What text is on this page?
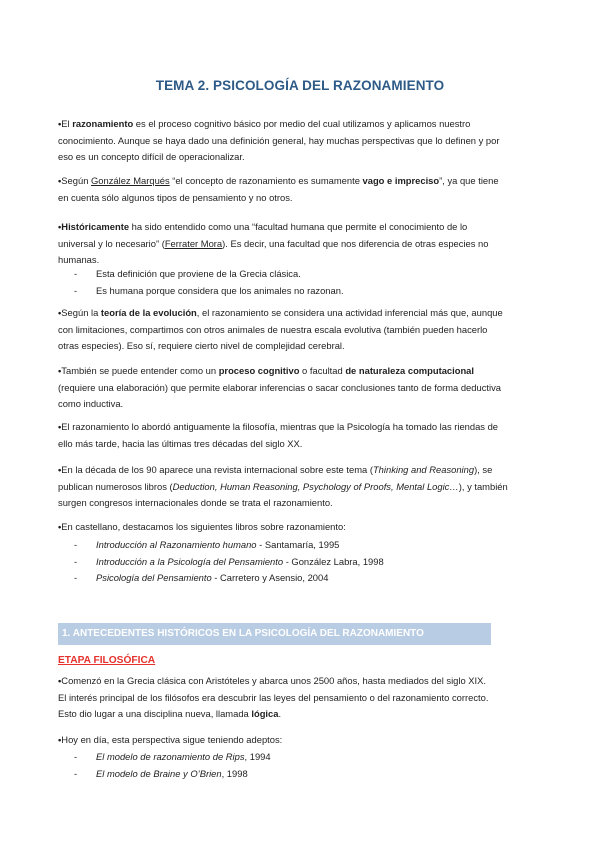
TEMA 2. PSICOLOGÍA DEL RAZONAMIENTO

•El razonamiento es el proceso cognitivo básico por medio del cual utilizamos y aplicamos nuestro

conocimiento. Aunque se haya dado una definición general, hay muchas perspectivas que lo definen y por

eso es un concepto difícil de operacionalizar.

•Según González Marqués “el concepto de razonamiento es sumamente vago e impreciso”, ya que tiene

en cuenta sólo algunos tipos de pensamiento y no otros.

•Históricamente ha sido entendido como una “facultad humana que permite el conocimiento de lo

universal y lo necesario” (Ferrater Mora). Es decir, una facultad que nos diferencia de otras especies no

humanas.

-	Esta definición que proviene de la Grecia clásica.
-	Es humana porque considera que los animales no razonan.

•Según la teoría de la evolución, el razonamiento se considera una actividad inferencial más que, aunque

con limitaciones, compartimos con otros animales de nuestra escala evolutiva (también pueden hacerlo

otras especies). Eso sí, requiere cierto nivel de complejidad cerebral.

•También se puede entender como un proceso cognitivo o facultad de naturaleza computacional

(requiere una elaboración) que permite elaborar inferencias o sacar conclusiones tanto de forma deductiva

como inductiva.

•El razonamiento lo abordó antiguamente la filosofía, mientras que la Psicología ha tomado las riendas de

ello más tarde, hacia las últimas tres décadas del siglo XX.

•En la década de los 90 aparece una revista internacional sobre este tema (Thinking and Reasoning), se

publican numerosos libros (Deduction, Human Reasoning, Psychology of Proofs, Mental Logic…), y también

surgen congresos internacionales donde se trata el razonamiento.

•En castellano, destacamos los siguientes libros sobre razonamiento:

-	Introducción al Razonamiento humano - Santamaría, 1995
-	Introducción a la Psicología del Pensamiento - González Labra, 1998
-	Psicología del Pensamiento - Carretero y Asensio, 2004
1. ANTECEDENTES HISTÓRICOS EN LA PSICOLOGÍA DEL RAZONAMIENTO
ETAPA FILOSÓFICA

•Comenzó en la Grecia clásica con Aristóteles y abarca unos 2500 años, hasta mediados del siglo XIX.

El interés principal de los filósofos era descubrir las leyes del pensamiento o del razonamiento correcto.

Esto dio lugar a una disciplina nueva, llamada lógica.

•Hoy en día, esta perspectiva sigue teniendo adeptos:

-	El modelo de razonamiento de Rips, 1994
-	El modelo de Braine y O’Brien, 1998
